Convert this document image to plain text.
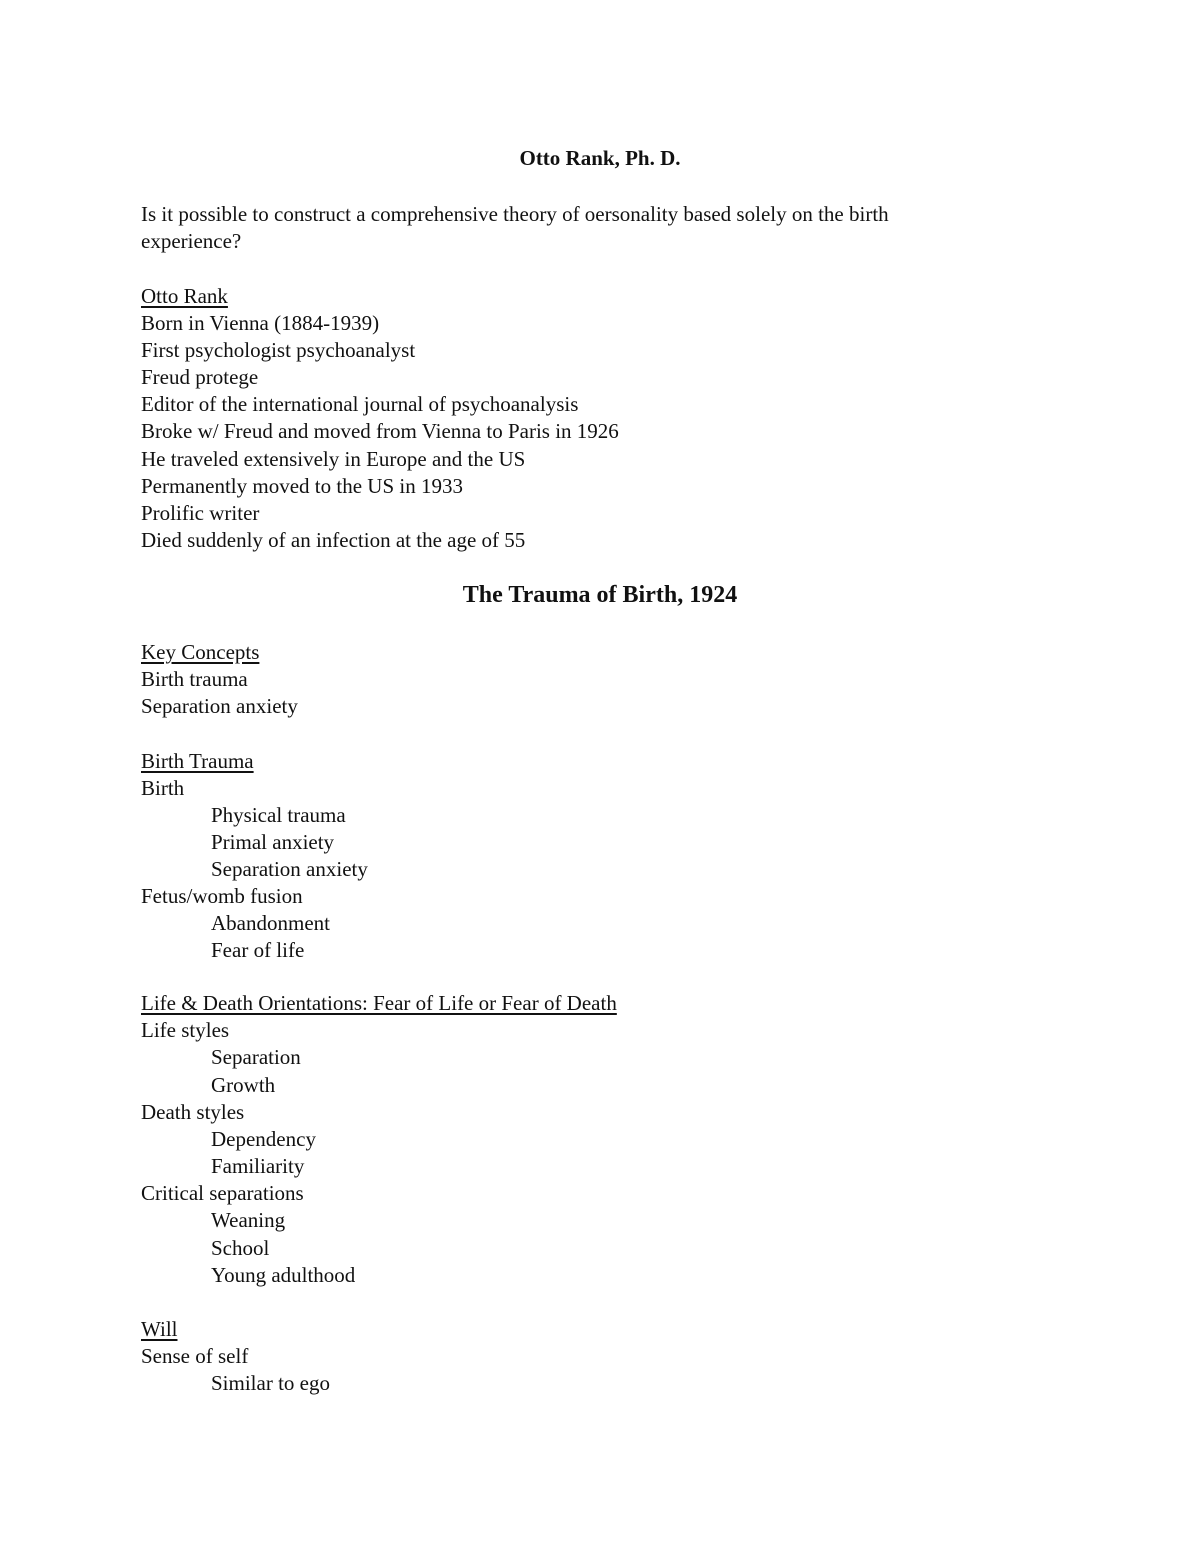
Otto Rank, Ph. D.
Is it possible to construct a comprehensive theory of oersonality based solely on the birth
experience?
Otto Rank
Born in Vienna (1884-1939)
First psychologist psychoanalyst
Freud protege
Editor of the international journal of psychoanalysis
Broke w/ Freud and moved from Vienna to Paris in 1926
He traveled extensively in Europe and the US
Permanently moved to the US in 1933
Prolific writer
Died suddenly of an infection at the age of 55
The Trauma of Birth, 1924
Key Concepts
Birth trauma
Separation anxiety
Birth Trauma
Birth
Physical trauma
Primal anxiety
Separation anxiety
Fetus/womb fusion
Abandonment
Fear of life
Life & Death Orientations: Fear of Life or Fear of Death
Life styles
Separation
Growth
Death styles
Dependency
Familiarity
Critical separations
Weaning
School
Young adulthood
Will
Sense of self
Similar to ego
